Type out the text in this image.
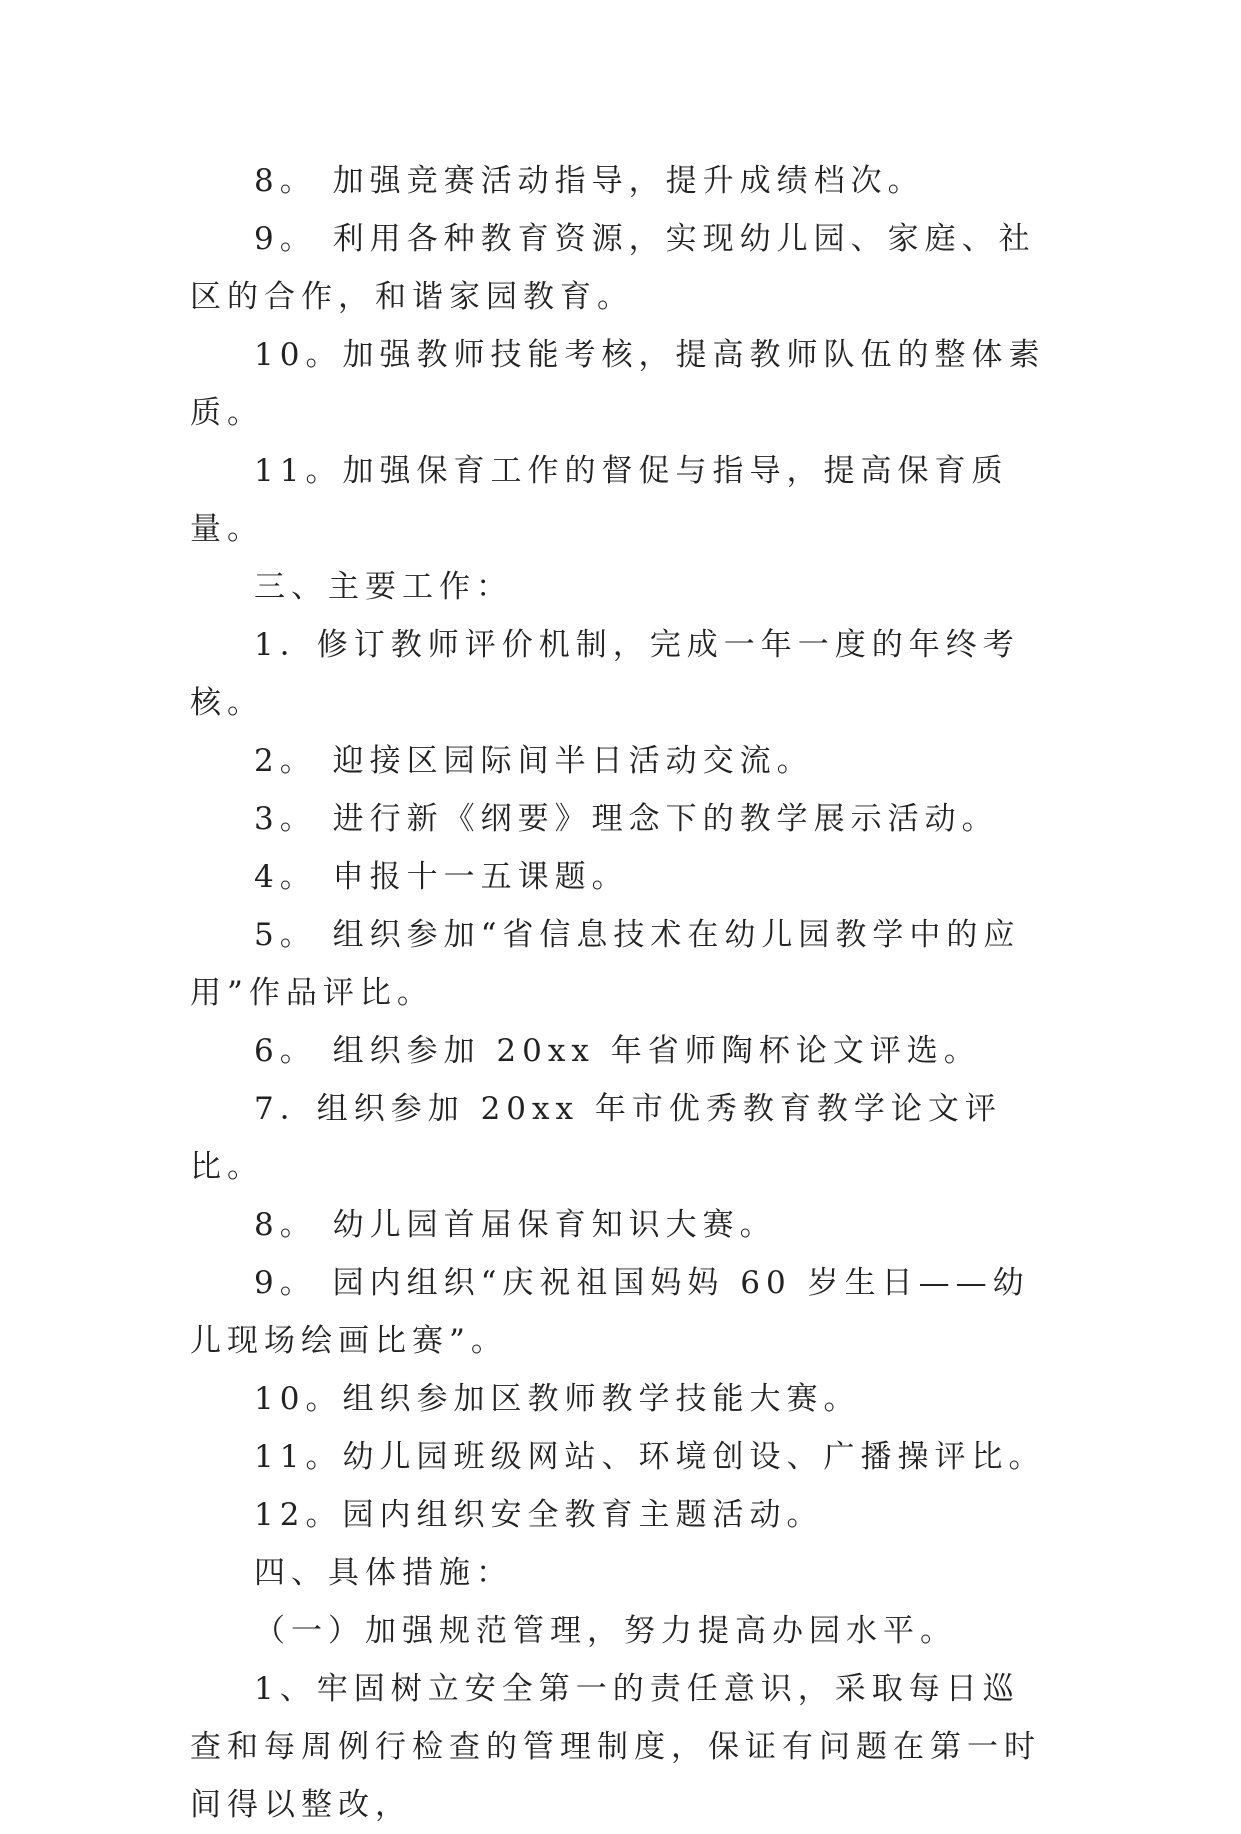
8。 加强竞赛活动指导，提升成绩档次。

9。 利用各种教育资源，实现幼儿园、家庭、社区的合作，和谐家园教育。

10。加强教师技能考核，提高教师队伍的整体素质。

11。加强保育工作的督促与指导，提高保育质量。

三、主要工作：

1．修订教师评价机制，完成一年一度的年终考核。

2。 迎接区园际间半日活动交流。

3。 进行新《纲要》理念下的教学展示活动。

4。 申报十一五课题。

5。 组织参加“省信息技术在幼儿园教学中的应用”作品评比。

6。 组织参加 20xx 年省师陶杯论文评选。

7．组织参加 20xx 年市优秀教育教学论文评比。

8。 幼儿园首届保育知识大赛。

9。 园内组织“庆祝祖国妈妈 60 岁生日——幼儿现场绘画比赛”。

10。组织参加区教师教学技能大赛。

11。幼儿园班级网站、环境创设、广播操评比。

12。园内组织安全教育主题活动。

四、具体措施：

（一）加强规范管理，努力提高办园水平。

1、牢固树立安全第一的责任意识，采取每日巡查和每周例行检查的管理制度，保证有问题在第一时间得以整改，
